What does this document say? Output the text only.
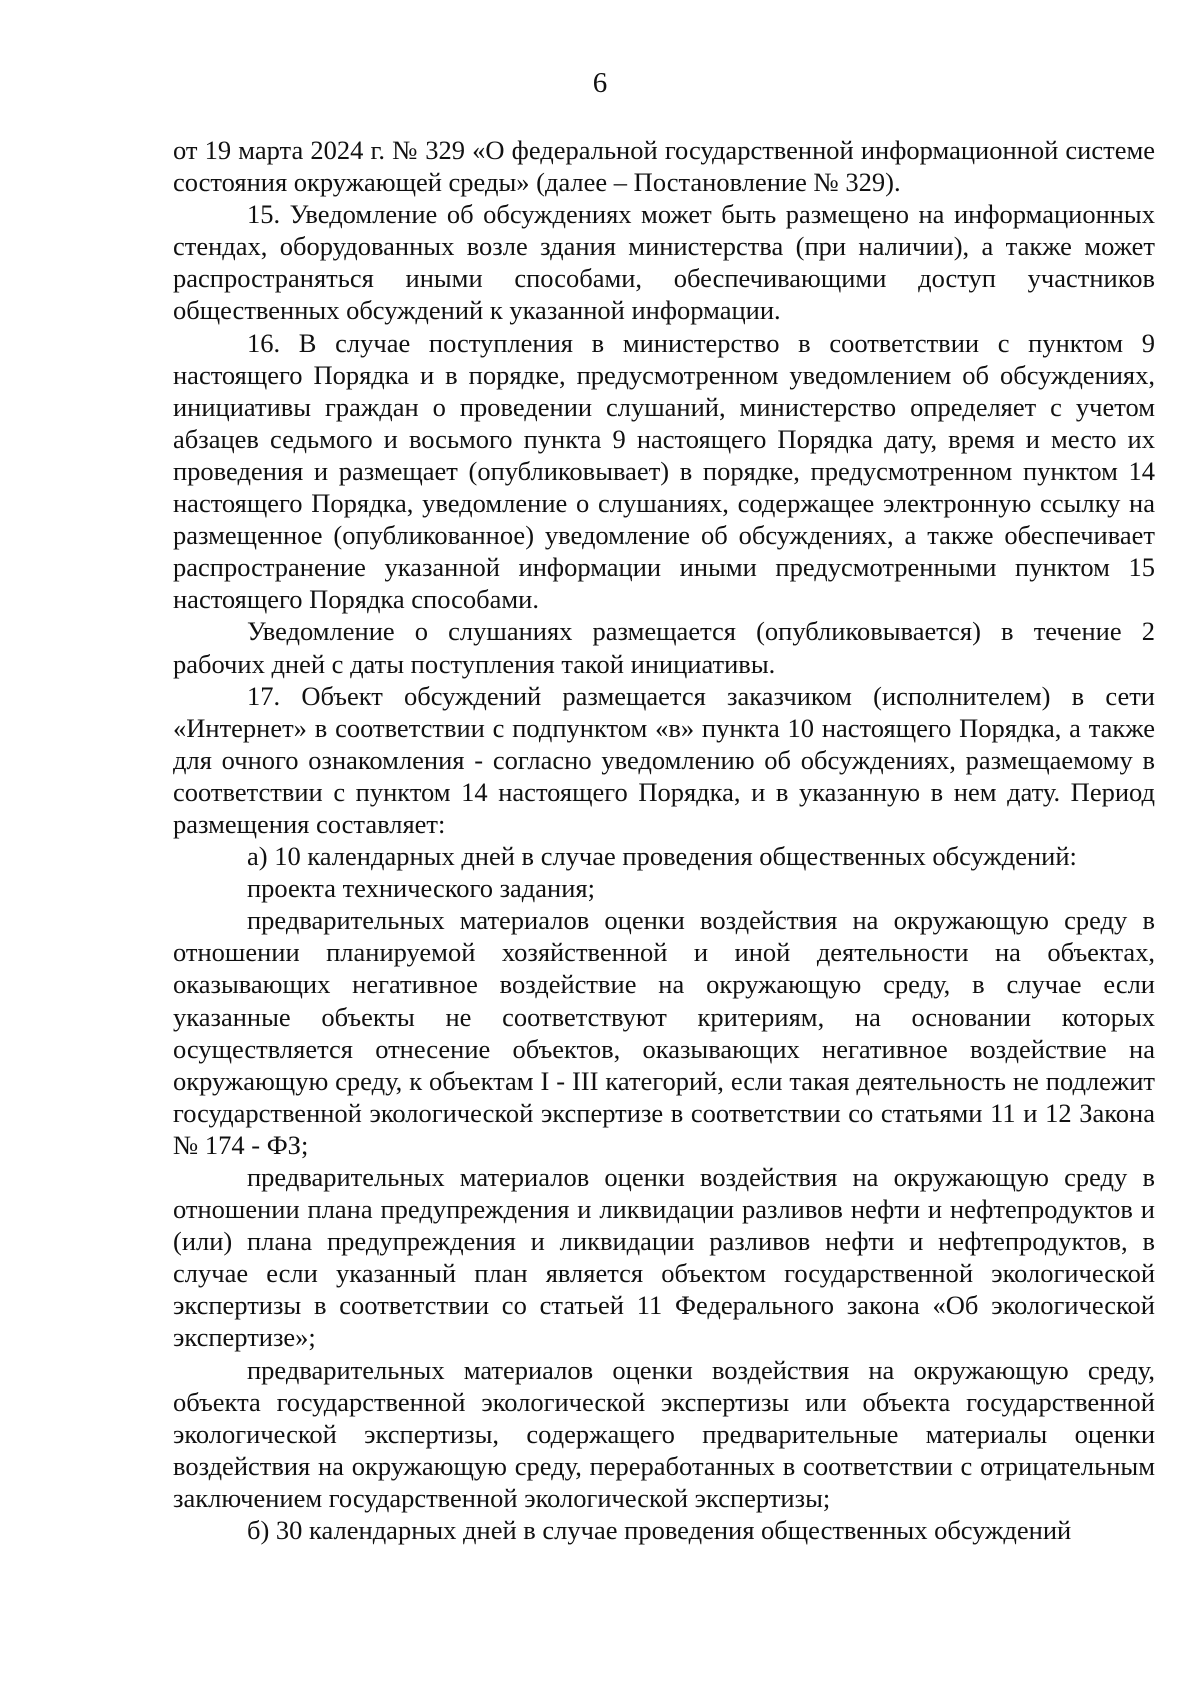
6

от 19 марта 2024 г. № 329 «О федеральной государственной информационной системе состояния окружающей среды» (далее – Постановление № 329).

15. Уведомление об обсуждениях может быть размещено на информационных стендах, оборудованных возле здания министерства (при наличии), а также может распространяться иными способами, обеспечивающими доступ участников общественных обсуждений к указанной информации.

16. В случае поступления в министерство в соответствии с пунктом 9 настоящего Порядка и в порядке, предусмотренном уведомлением об обсуждениях, инициативы граждан о проведении слушаний, министерство определяет с учетом абзацев седьмого и восьмого пункта 9 настоящего Порядка дату, время и место их проведения и размещает (опубликовывает) в порядке, предусмотренном пунктом 14 настоящего Порядка, уведомление о слушаниях, содержащее электронную ссылку на размещенное (опубликованное) уведомление об обсуждениях, а также обеспечивает распространение указанной информации иными предусмотренными пунктом 15 настоящего Порядка способами.

Уведомление о слушаниях размещается (опубликовывается) в течение 2 рабочих дней с даты поступления такой инициативы.

17. Объект обсуждений размещается заказчиком (исполнителем) в сети «Интернет» в соответствии с подпунктом «в» пункта 10 настоящего Порядка, а также для очного ознакомления - согласно уведомлению об обсуждениях, размещаемому в соответствии с пунктом 14 настоящего Порядка, и в указанную в нем дату. Период размещения составляет:

а) 10 календарных дней в случае проведения общественных обсуждений:

проекта технического задания;

предварительных материалов оценки воздействия на окружающую среду в отношении планируемой хозяйственной и иной деятельности на объектах, оказывающих негативное воздействие на окружающую среду, в случае если указанные объекты не соответствуют критериям, на основании которых осуществляется отнесение объектов, оказывающих негативное воздействие на окружающую среду, к объектам I - III категорий, если такая деятельность не подлежит государственной экологической экспертизе в соответствии со статьями 11 и 12 Закона № 174 - ФЗ;

предварительных материалов оценки воздействия на окружающую среду в отношении плана предупреждения и ликвидации разливов нефти и нефтепродуктов и (или) плана предупреждения и ликвидации разливов нефти и нефтепродуктов, в случае если указанный план является объектом государственной экологической экспертизы в соответствии со статьей 11 Федерального закона «Об экологической экспертизе»;

предварительных материалов оценки воздействия на окружающую среду, объекта государственной экологической экспертизы или объекта государственной экологической экспертизы, содержащего предварительные материалы оценки воздействия на окружающую среду, переработанных в соответствии с отрицательным заключением государственной экологической экспертизы;

б) 30 календарных дней в случае проведения общественных обсуждений
